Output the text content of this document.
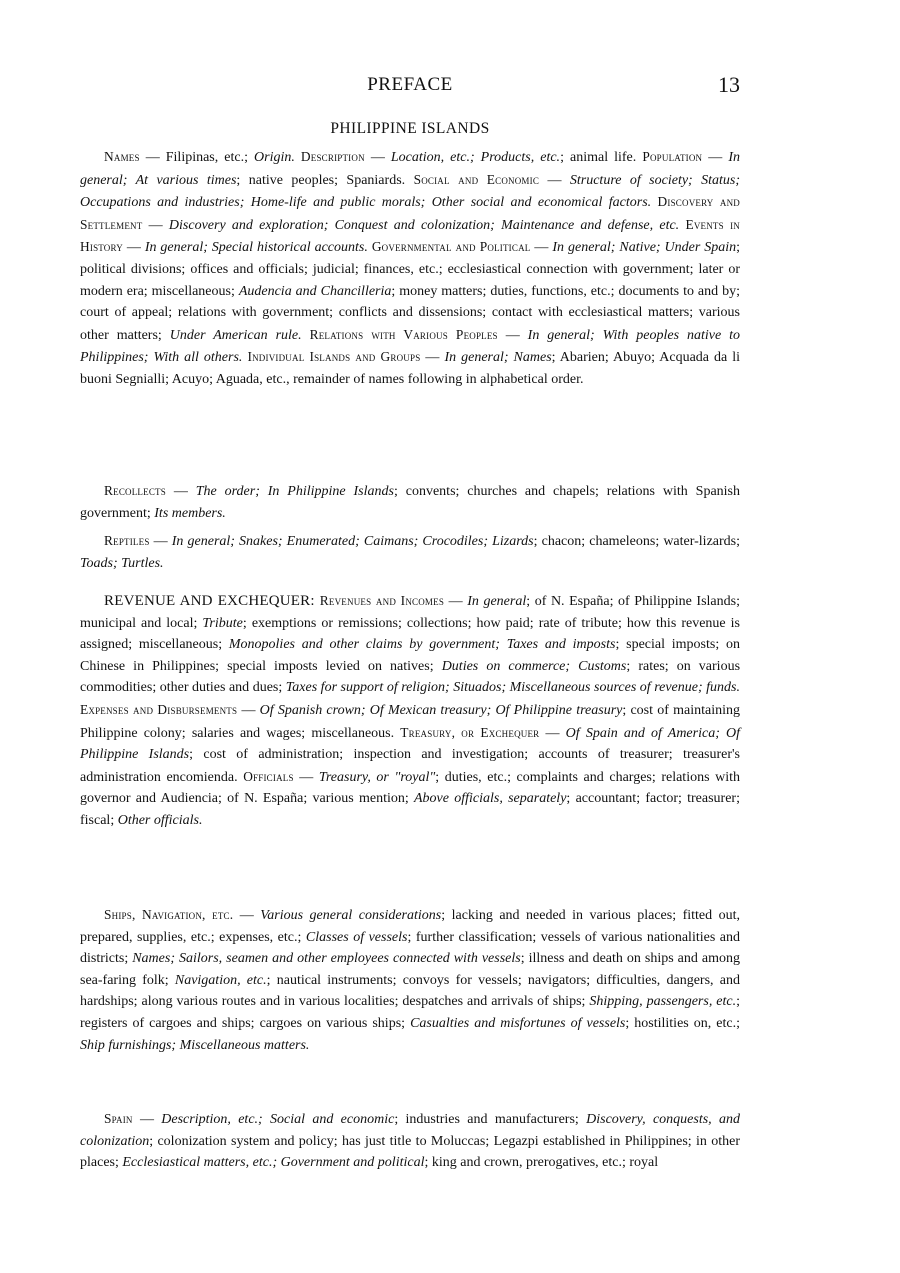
PREFACE	13
PHILIPPINE ISLANDS

Names — Filipinas, etc.; Origin. Description — Location, etc.; Products, etc.; animal life. Population — In general; At various times; native peoples; Spaniards. Social and Economic — Structure of society; Status; Occupations and industries; Home-life and public morals; Other social and economical factors. Discovery and Settlement — Discovery and exploration; Conquest and colonization; Maintenance and defense, etc. Events in History — In general; Special historical accounts. Governmental and Political — In general; Native; Under Spain; political divisions; offices and officials; judicial; finances, etc.; ecclesiastical connection with government; later or modern era; miscellaneous; Audencia and Chancilleria; money matters; duties, functions, etc.; documents to and by; court of appeal; relations with government; conflicts and dissensions; contact with ecclesiastical matters; various other matters; Under American rule. Relations with Various Peoples — In general; With peoples native to Philippines; With all others. Individual Islands and Groups — In general; Names; Abarien; Abuyo; Acquada da li buoni Segnialli; Acuyo; Aguada, etc., remainder of names following in alphabetical order.

Recollects — The order; In Philippine Islands; convents; churches and chapels; relations with Spanish government; Its members.

Reptiles — In general; Snakes; Enumerated; Caimans; Crocodiles; Lizards; chacon; chameleons; water-lizards; Toads; Turtles.

REVENUE AND EXCHEQUER: Revenues and Incomes — In general; of N. España; of Philippine Islands; municipal and local; Tribute; exemptions or remissions; collections; how paid; rate of tribute; how this revenue is assigned; miscellaneous; Monopolies and other claims by government; Taxes and imposts; special imposts; on Chinese in Philippines; special imposts levied on natives; Duties on commerce; Customs; rates; on various commodities; other duties and dues; Taxes for support of religion; Situados; Miscellaneous sources of revenue; funds. Expenses and Disbursements — Of Spanish crown; Of Mexican treasury; Of Philippine treasury; cost of maintaining Philippine colony; salaries and wages; miscellaneous. Treasury, or Exchequer — Of Spain and of America; Of Philippine Islands; cost of administration; inspection and investigation; accounts of treasurer; treasurer's administration encomienda. Officials — Treasury, or "royal"; duties, etc.; complaints and charges; relations with governor and Audiencia; of N. España; various mention; Above officials, separately; accountant; factor; treasurer; fiscal; Other officials.

Ships, Navigation, etc. — Various general considerations; lacking and needed in various places; fitted out, prepared, supplies, etc.; expenses, etc.; Classes of vessels; further classification; vessels of various nationalities and districts; Names; Sailors, seamen and other employees connected with vessels; illness and death on ships and among sea-faring folk; Navigation, etc.; nautical instruments; convoys for vessels; navigators; difficulties, dangers, and hardships; along various routes and in various localities; despatches and arrivals of ships; Shipping, passengers, etc.; registers of cargoes and ships; cargoes on various ships; Casualties and misfortunes of vessels; hostilities on, etc.; Ship furnishings; Miscellaneous matters.

Spain — Description, etc.; Social and economic; industries and manufacturers; Discovery, conquests, and colonization; colonization system and policy; has just title to Moluccas; Legazpi established in Philippines; in other places; Ecclesiastical matters, etc.; Government and political; king and crown, prerogatives, etc.; royal
